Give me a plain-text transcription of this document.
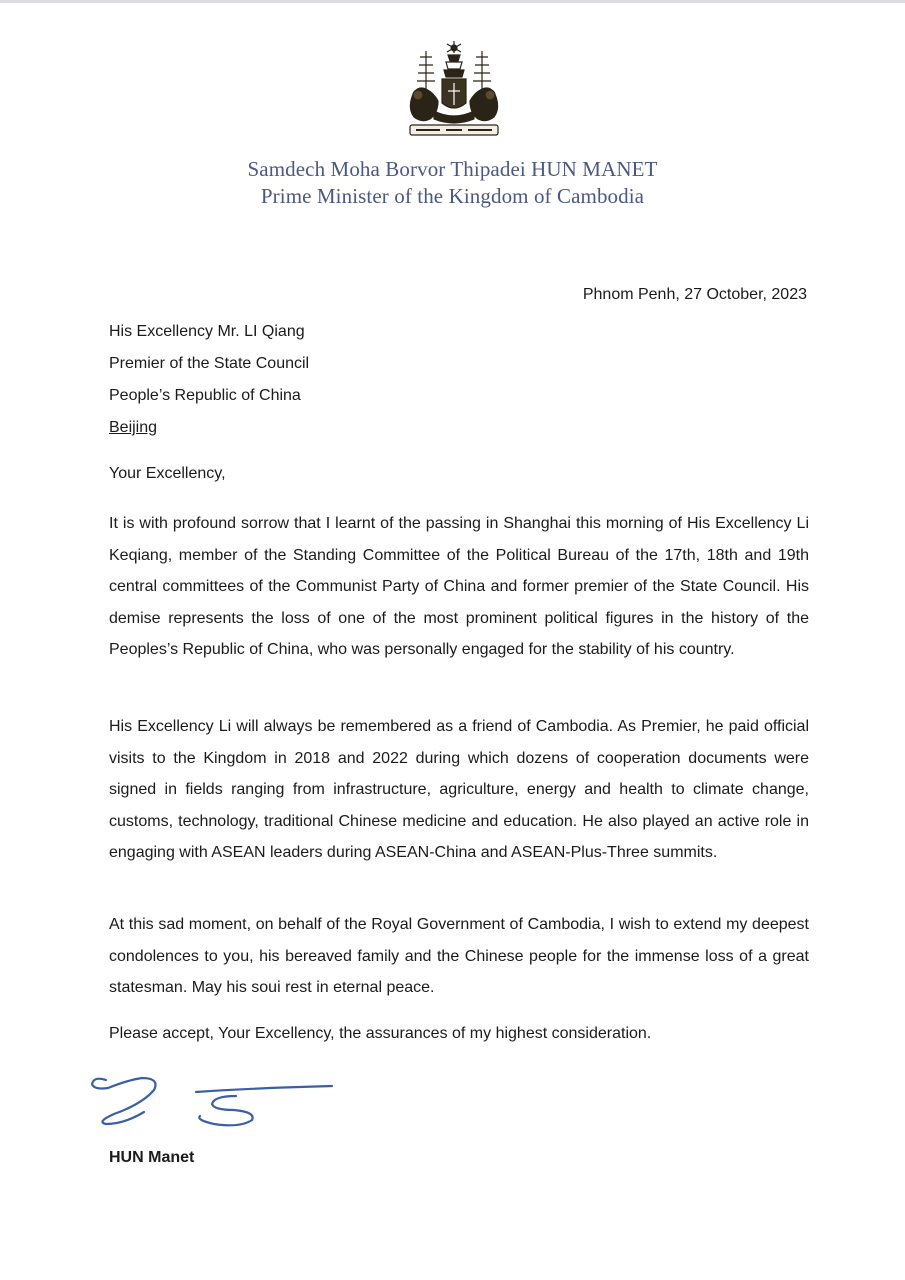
Samdech Moha Borvor Thipadei HUN MANET
Prime Minister of the Kingdom of Cambodia
Phnom Penh, 27 October, 2023
His Excellency Mr. LI Qiang
Premier of the State Council
People’s Republic of China
Beijing
Your Excellency,

It is with profound sorrow that I learnt of the passing in Shanghai this morning of His Excellency Li Keqiang, member of the Standing Committee of the Political Bureau of the 17th, 18th and 19th central committees of the Communist Party of China and former premier of the State Council. His demise represents the loss of one of the most prominent political figures in the history of the Peoples’s Republic of China, who was personally engaged for the stability of his country.

His Excellency Li will always be remembered as a friend of Cambodia. As Premier, he paid official visits to the Kingdom in 2018 and 2022 during which dozens of cooperation documents were signed in fields ranging from infrastructure, agriculture, energy and health to climate change, customs, technology, traditional Chinese medicine and education. He also played an active role in engaging with ASEAN leaders during ASEAN-China and ASEAN-Plus-Three summits.

At this sad moment, on behalf of the Royal Government of Cambodia, I wish to extend my deepest condolences to you, his bereaved family and the Chinese people for the immense loss of a great statesman. May his soui rest in eternal peace.

Please accept, Your Excellency, the assurances of my highest consideration.

HUN Manet
